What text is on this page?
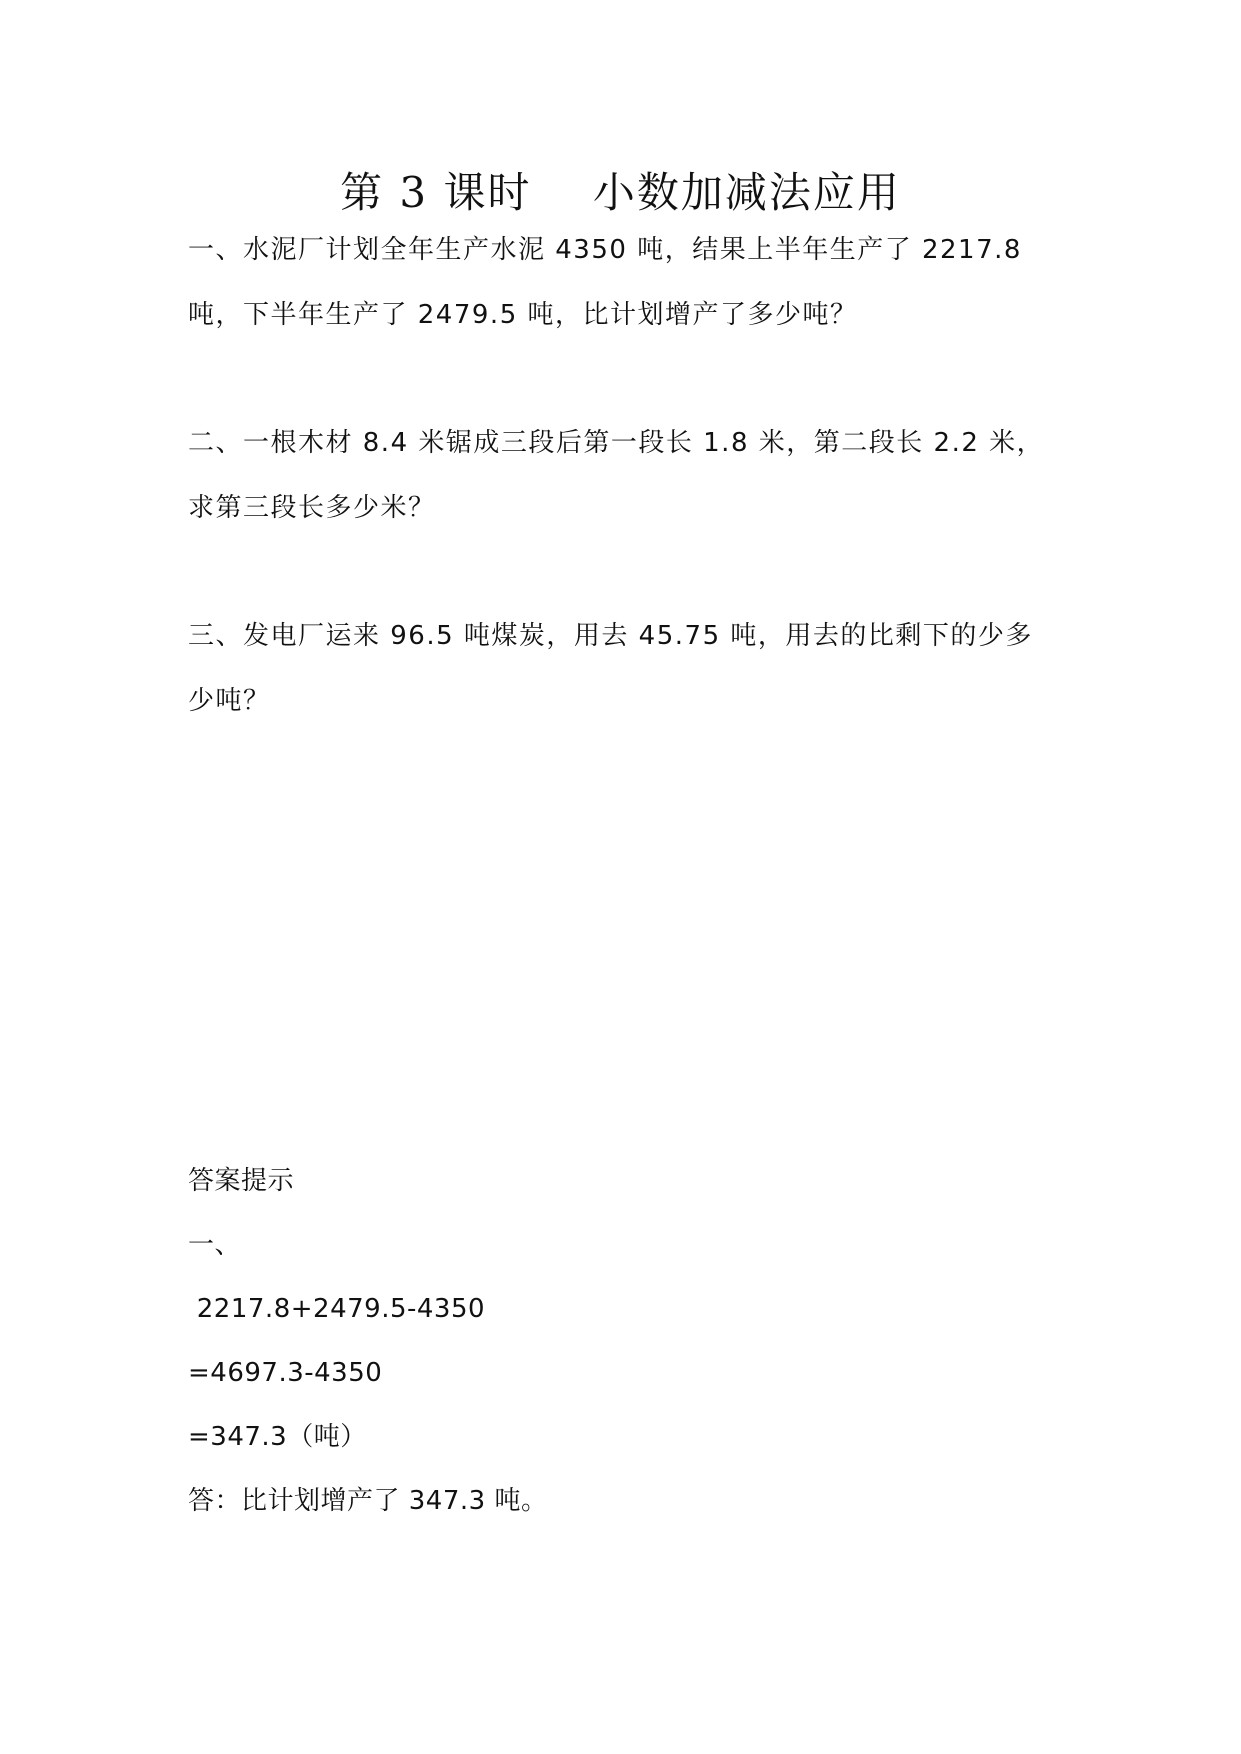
第 3 课时    小数加减法应用
一、水泥厂计划全年生产水泥 4350 吨，结果上半年生产了 2217.8
吨，下半年生产了 2479.5 吨，比计划增产了多少吨？
二、一根木材 8.4 米锯成三段后第一段长 1.8 米，第二段长 2.2 米，
求第三段长多少米？
三、发电厂运来 96.5 吨煤炭，用去 45.75 吨，用去的比剩下的少多
少吨？
答案提示
一、
2217.8+2479.5-4350
=4697.3-4350
=347.3（吨）
答：比计划增产了 347.3 吨。
